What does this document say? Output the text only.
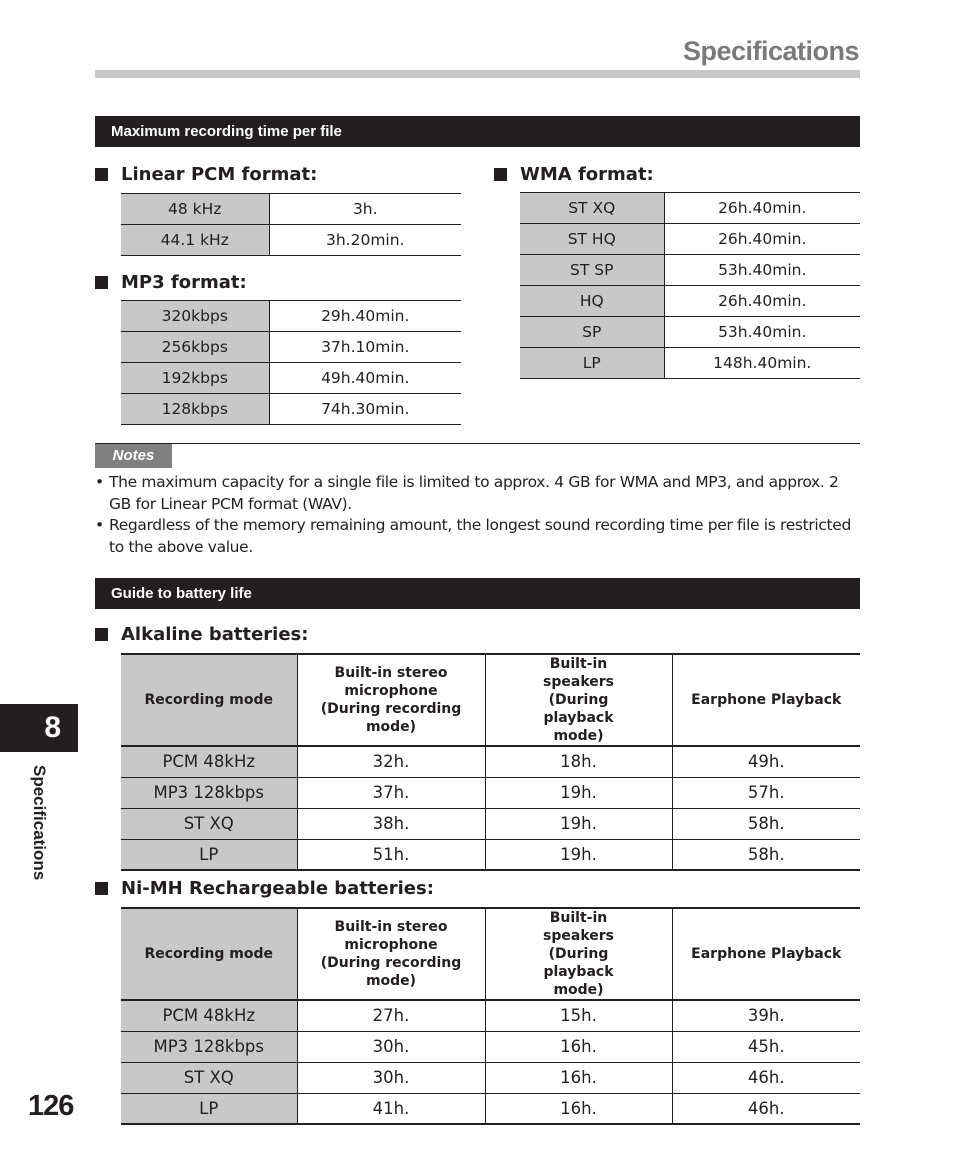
Specifications
Maximum recording time per file
Linear PCM format:
48 kHz	3h.
44.1 kHz	3h.20min.
MP3 format:
320kbps	29h.40min.
256kbps	37h.10min.
192kbps	49h.40min.
128kbps	74h.30min.
WMA format:
ST XQ	26h.40min.
ST HQ	26h.40min.
ST SP	53h.40min.
HQ	26h.40min.
SP	53h.40min.
LP	148h.40min.
Notes
• The maximum capacity for a single file is limited to approx. 4 GB for WMA and MP3, and approx. 2 GB for Linear PCM format (WAV).
• Regardless of the memory remaining amount, the longest sound recording time per file is restricted to the above value.
Guide to battery life
Alkaline batteries:
Recording mode	Built-in stereo microphone (During recording mode)	Built-in speakers (During playback mode)	Earphone Playback
PCM 48kHz	32h.	18h.	49h.
MP3 128kbps	37h.	19h.	57h.
ST XQ	38h.	19h.	58h.
LP	51h.	19h.	58h.
Ni-MH Rechargeable batteries:
Recording mode	Built-in stereo microphone (During recording mode)	Built-in speakers (During playback mode)	Earphone Playback
PCM 48kHz	27h.	15h.	39h.
MP3 128kbps	30h.	16h.	45h.
ST XQ	30h.	16h.	46h.
LP	41h.	16h.	46h.
8
Specifications
126
